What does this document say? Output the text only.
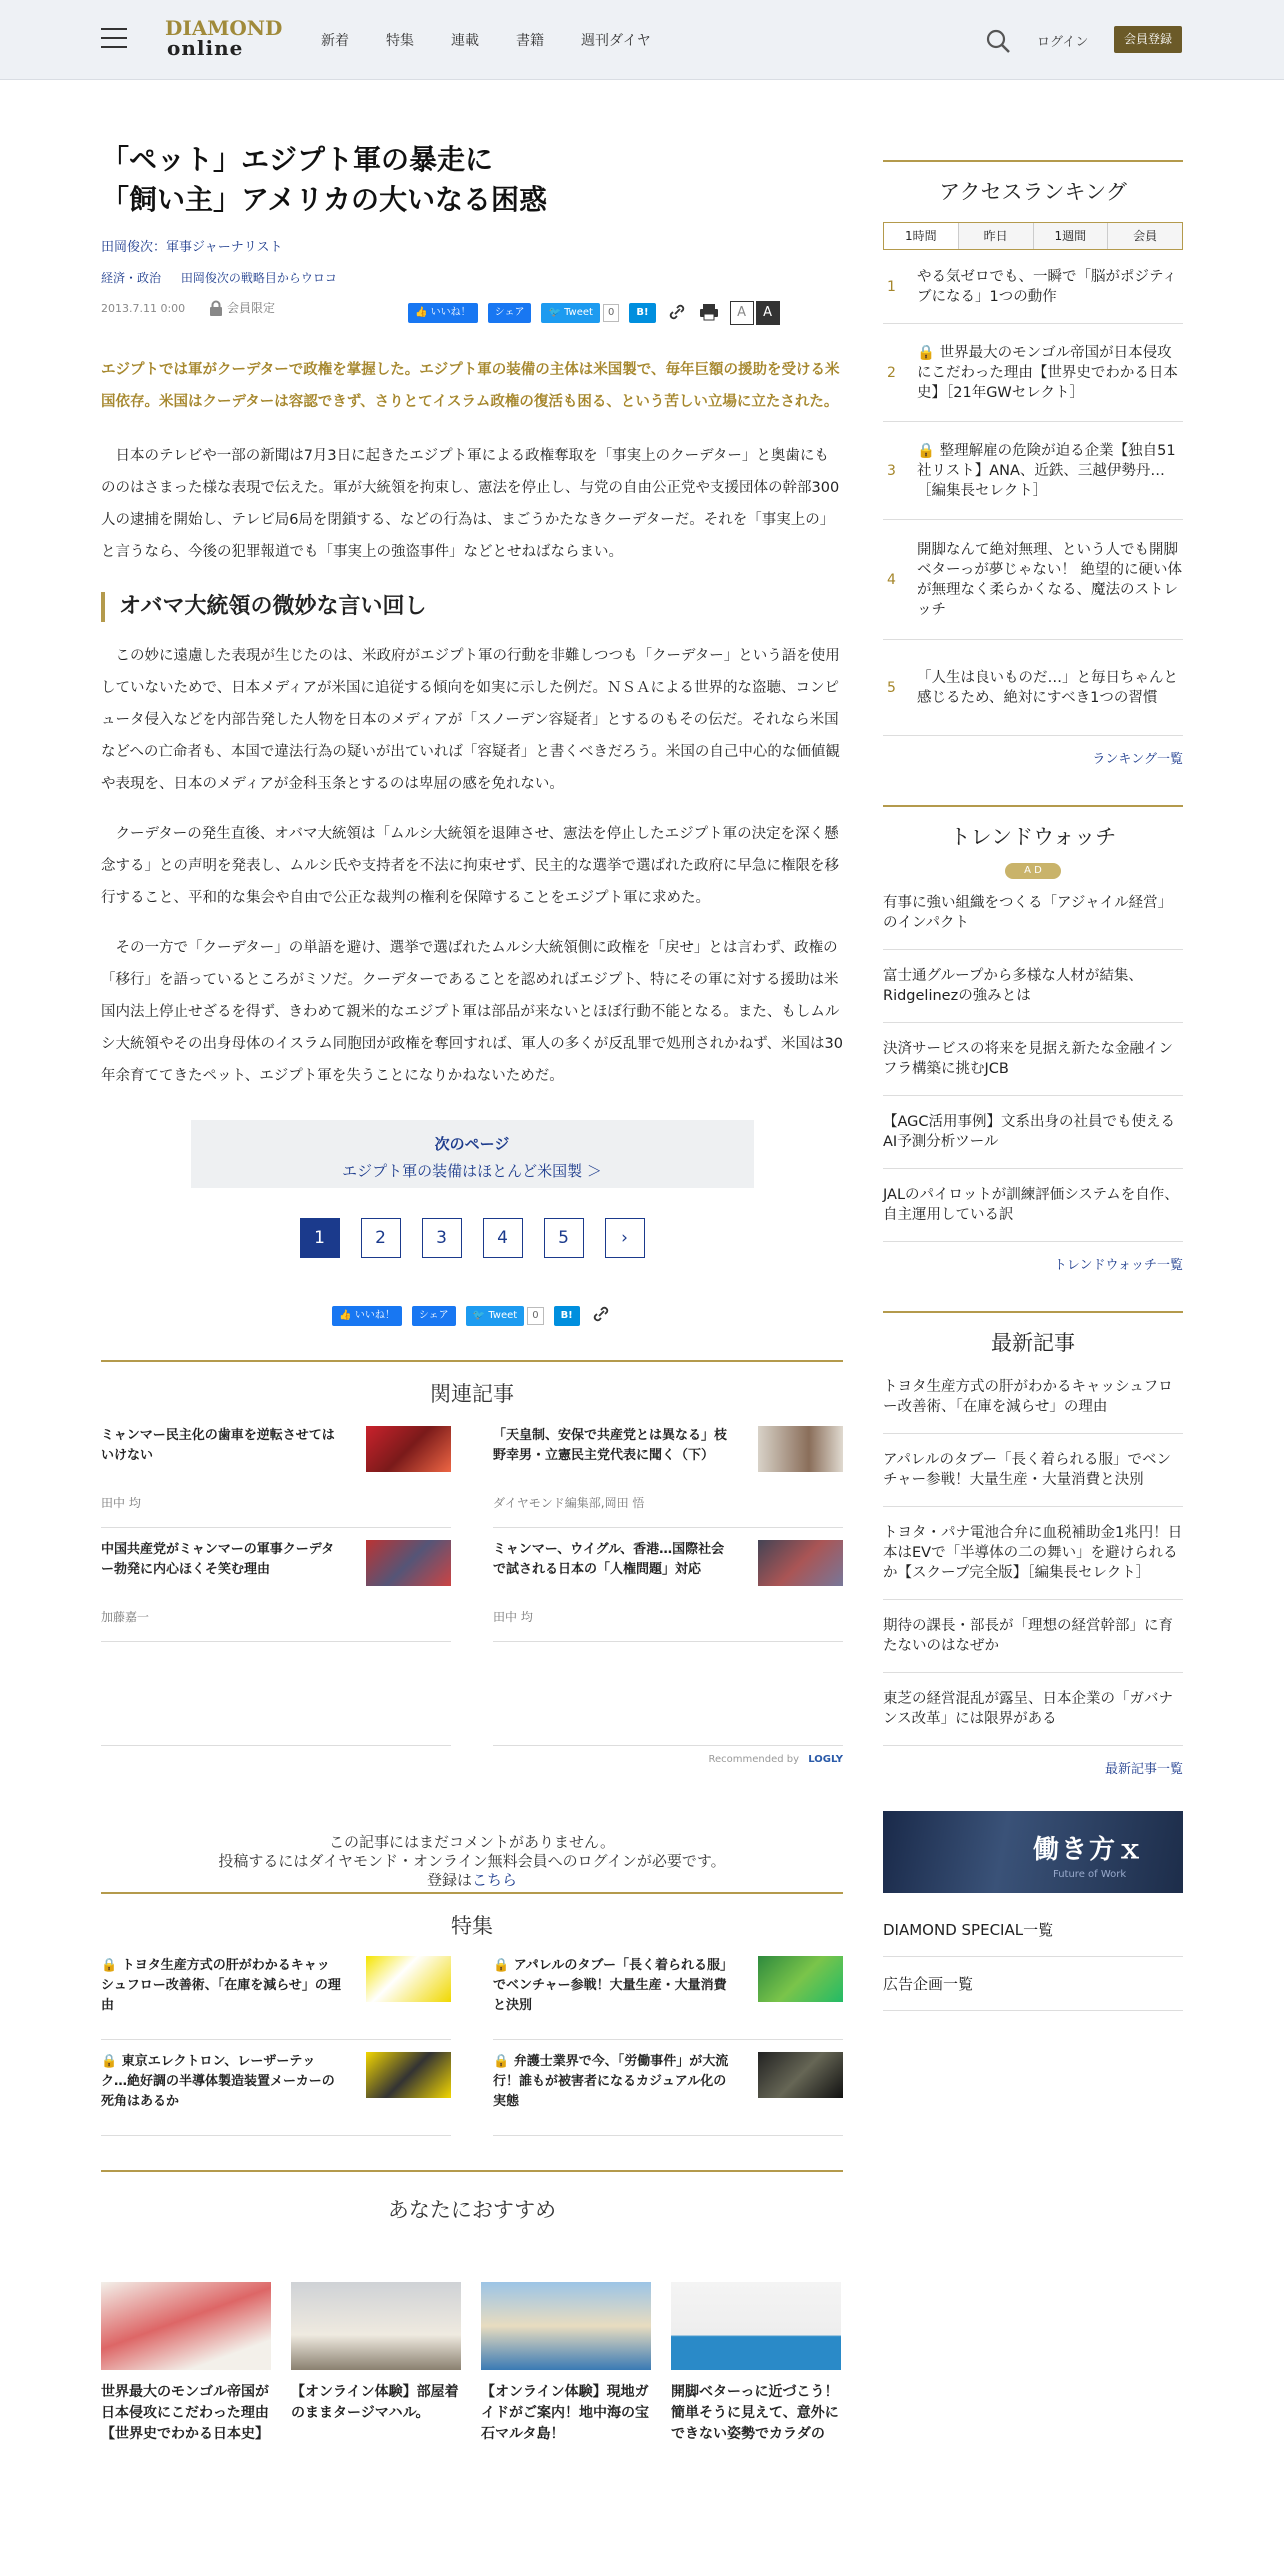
DIAMOND
online	新着	特集	連載	書籍	週刊ダイヤ	ログイン	会員登録
「ペット」エジプト軍の暴走に
「飼い主」アメリカの大いなる困惑
田岡俊次：軍事ジャーナリスト
経済・政治 田岡俊次の戦略目からウロコ
2013.7.11 0:00	会員限定	👍 いいね！	シェア	🐦 Tweet	0	B!	A	A
エジプトでは軍がクーデターで政権を掌握した。エジプト軍の装備の主体は米国製で、毎年巨額の援助を受ける米国依存。米国はクーデターは容認できず、さりとてイスラム政権の復活も困る、という苦しい立場に立たされた。
日本のテレビや一部の新聞は7月3日に起きたエジプト軍による政権奪取を「事実上のクーデター」と奥歯にもののはさまった様な表現で伝えた。軍が大統領を拘束し、憲法を停止し、与党の自由公正党や支援団体の幹部300人の逮捕を開始し、テレビ局6局を閉鎖する、などの行為は、まごうかたなきクーデターだ。それを「事実上の」と言うなら、今後の犯罪報道でも「事実上の強盗事件」などとせねばならまい。
オバマ大統領の微妙な言い回し
この妙に遠慮した表現が生じたのは、米政府がエジプト軍の行動を非難しつつも「クーデター」という語を使用していないためで、日本メディアが米国に追従する傾向を如実に示した例だ。ＮＳＡによる世界的な盗聴、コンピュータ侵入などを内部告発した人物を日本のメディアが「スノーデン容疑者」とするのもその伝だ。それなら米国などへの亡命者も、本国で違法行為の疑いが出ていれば「容疑者」と書くべきだろう。米国の自己中心的な価値観や表現を、日本のメディアが金科玉条とするのは卑屈の感を免れない。
クーデターの発生直後、オバマ大統領は「ムルシ大統領を退陣させ、憲法を停止したエジプト軍の決定を深く懸念する」との声明を発表し、ムルシ氏や支持者を不法に拘束せず、民主的な選挙で選ばれた政府に早急に権限を移行すること、平和的な集会や自由で公正な裁判の権利を保障することをエジプト軍に求めた。
その一方で「クーデター」の単語を避け、選挙で選ばれたムルシ大統領側に政権を「戻せ」とは言わず、政権の「移行」を語っているところがミソだ。クーデターであることを認めればエジプト、特にその軍に対する援助は米国内法上停止せざるを得ず、きわめて親米的なエジプト軍は部品が来ないとほぼ行動不能となる。また、もしムルシ大統領やその出身母体のイスラム同胞団が政権を奪回すれば、軍人の多くが反乱罪で処刑されかねず、米国は30年余育ててきたペット、エジプト軍を失うことになりかねないためだ。
次のページ
エジプト軍の装備はほとんど米国製 ＞
1	2	3	4	5	›
👍 いいね！	シェア	🐦 Tweet	0	B!
関連記事
ミャンマー民主化の歯車を逆転させてはいけない
田中 均
「天皇制、安保で共産党とは異なる」枝野幸男・立憲民主党代表に聞く（下）
ダイヤモンド編集部,岡田 悟
中国共産党がミャンマーの軍事クーデター勃発に内心ほくそ笑む理由
加藤嘉一
ミャンマー、ウイグル、香港…国際社会で試される日本の「人権問題」対応
田中 均
Recommended by LOGLY
この記事にはまだコメントがありません。
投稿するにはダイヤモンド・オンライン無料会員へのログインが必要です。
登録はこちら
特集
🔒 トヨタ生産方式の肝がわかるキャッシュフロー改善術、「在庫を減らせ」の理由
🔒 アパレルのタブー「長く着られる服」でベンチャー参戦！大量生産・大量消費と決別
🔒 東京エレクトロン、レーザーテック…絶好調の半導体製造装置メーカーの死角はあるか
🔒 弁護士業界で今、「労働事件」が大流行！誰もが被害者になるカジュアル化の実態
あなたにおすすめ
世界最大のモンゴル帝国が日本侵攻にこだわった理由【世界史でわかる日本史】
【オンライン体験】部屋着のままタージマハル。
【オンライン体験】現地ガイドがご案内！地中海の宝石マルタ島！
開脚ベターっに近づこう！簡単そうに見えて、意外にできない姿勢でカラダの
アクセスランキング
1時間	昨日	1週間	会員
1
やる気ゼロでも、一瞬で「脳がポジティブになる」1つの動作
2
🔒 世界最大のモンゴル帝国が日本侵攻にこだわった理由【世界史でわかる日本史】［21年GWセレクト］
3
🔒 整理解雇の危険が迫る企業【独自51社リスト】ANA、近鉄、三越伊勢丹…［編集長セレクト］
4
開脚なんて絶対無理、という人でも開脚ベターっが夢じゃない！ 絶望的に硬い体が無理なく柔らかくなる、魔法のストレッチ
5
「人生は良いものだ…」と毎日ちゃんと感じるため、絶対にすべき1つの習慣
ランキング一覧
トレンドウォッチ
A D
有事に強い組織をつくる「アジャイル経営」のインパクト
富士通グループから多様な人材が結集、Ridgelinezの強みとは
決済サービスの将来を見据え新たな金融インフラ構築に挑むJCB
【AGC活用事例】文系出身の社員でも使えるAI予測分析ツール
JALのパイロットが訓練評価システムを自作、自主運用している訳
トレンドウォッチ一覧
最新記事
トヨタ生産方式の肝がわかるキャッシュフロー改善術、「在庫を減らせ」の理由
アパレルのタブー「長く着られる服」でベンチャー参戦！大量生産・大量消費と決別
トヨタ・パナ電池合弁に血税補助金1兆円！日本はEVで「半導体の二の舞い」を避けられるか【スクープ完全版】［編集長セレクト］
期待の課長・部長が「理想の経営幹部」に育たないのはなぜか
東芝の経営混乱が露呈、日本企業の「ガバナンス改革」には限界がある
最新記事一覧
働き方ｘ
Future of Work
DIAMOND SPECIAL一覧
広告企画一覧
